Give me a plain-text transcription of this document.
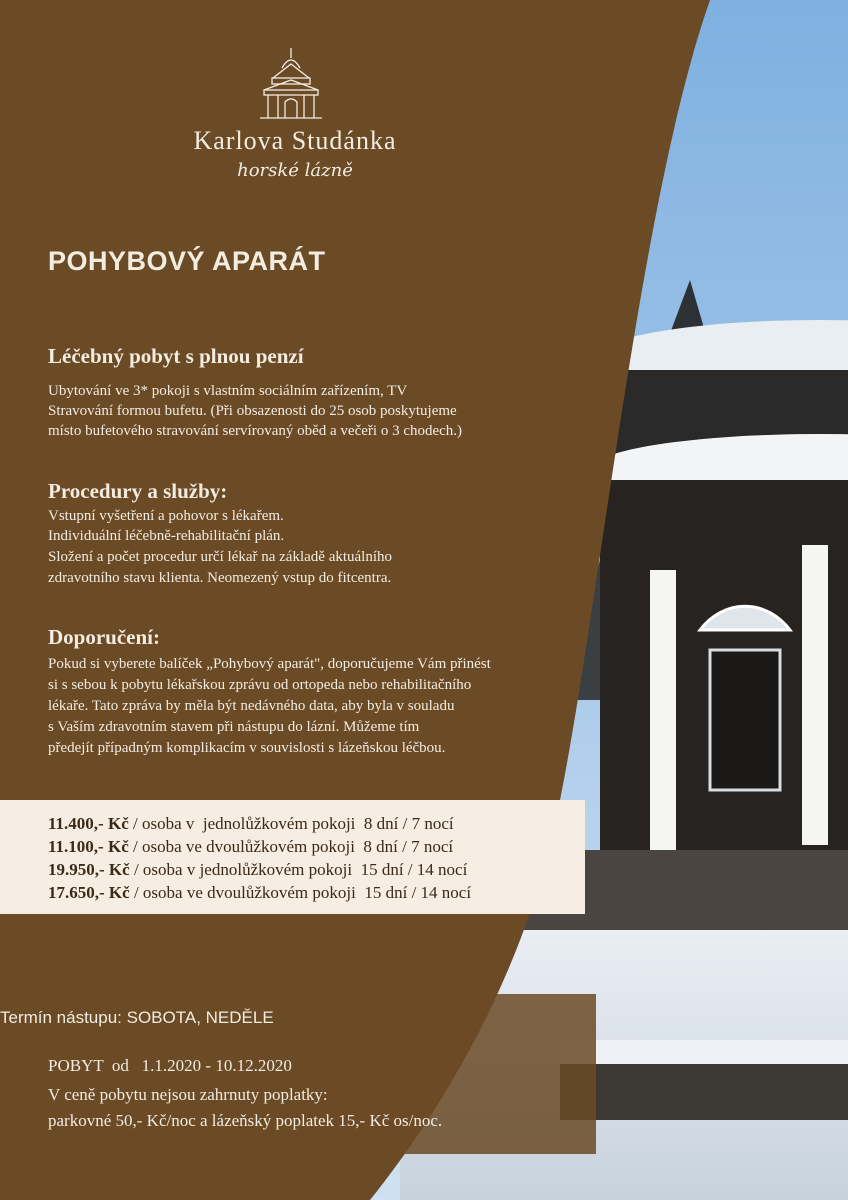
Karlova Studánka
horské lázně
POHYBOVÝ APARÁT
Léčebný pobyt s plnou penzí
Ubytování ve 3* pokoji s vlastním sociálním zařízením, TV
Stravování formou bufetu. (Při obsazenosti do 25 osob poskytujeme
místo bufetového stravování servírovaný oběd a večeři o 3 chodech.)
Procedury a služby:
Vstupní vyšetření a pohovor s lékařem.
Individuální léčebně-rehabilitační plán.
Složení a počet procedur určí lékař na základě aktuálního
zdravotního stavu klienta. Neomezený vstup do fitcentra.
Doporučení:
Pokud si vyberete balíček „Pohybový aparát", doporučujeme Vám přinést
si s sebou k pobytu lékařskou zprávu od ortopeda nebo rehabilitačního
lékaře. Tato zpráva by měla být nedávného data, aby byla v souladu
s Vaším zdravotním stavem při nástupu do lázní. Můžeme tím
předejít případným komplikacím v souvislosti s lázeňskou léčbou.
11.400,- Kč / osoba v  jednolůžkovém pokoji  8 dní / 7 nocí
11.100,- Kč / osoba ve dvoulůžkovém pokoji  8 dní / 7 nocí
19.950,- Kč / osoba v jednolůžkovém pokoji  15 dní / 14 nocí
17.650,- Kč / osoba ve dvoulůžkovém pokoji  15 dní / 14 nocí
Termín nástupu: SOBOTA, NEDĚLE
POBYT  od   1.1.2020 - 10.12.2020
V ceně pobytu nejsou zahrnuty poplatky:
parkovné 50,- Kč/noc a lázeňský poplatek 15,- Kč os/noc.
